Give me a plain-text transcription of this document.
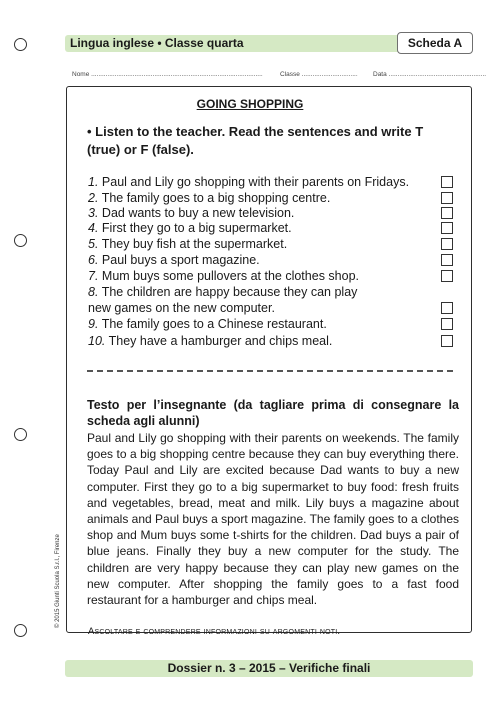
Lingua inglese • Classe quarta	Scheda A
Nome ...............................................................................................	Classe ............................... Data ......................................................
GOING SHOPPING
• Listen to the teacher. Read the sentences and write T (true) or F (false).
1. Paul and Lily go shopping with their parents on Fridays.
2. The family goes to a big shopping centre.
3. Dad wants to buy a new television.
4. First they go to a big supermarket.
5. They buy fish at the supermarket.
6. Paul buys a sport magazine.
7. Mum buys some pullovers at the clothes shop.
8. The children are happy because they can play
new games on the new computer.
9. The family goes to a Chinese restaurant.
10. They have a hamburger and chips meal.
Testo per l’insegnante (da tagliare prima di consegnare la scheda agli alunni)
Paul and Lily go shopping with their parents on weekends. The family goes to a big shopping centre because they can buy everything there. Today Paul and Lily are excited because Dad wants to buy a new computer. First they go to a big supermarket to buy food: fresh fruits and vegetables, bread, meat and milk. Lily buys a magazine about animals and Paul buys a sport magazine. The family goes to a clothes shop and Mum buys some t-shirts for the children. Dad buys a pair of blue jeans. Finally they buy a new computer for the study. The children are very happy because they can play new games on the new computer. After shopping the family goes to a fast food restaurant for a hamburger and chips meal.
Ascoltare e comprendere informazioni su argomenti noti.
© 2015 Giunti Scuola S.r.l., Firenze
Dossier n. 3 – 2015 – Verifiche finali
